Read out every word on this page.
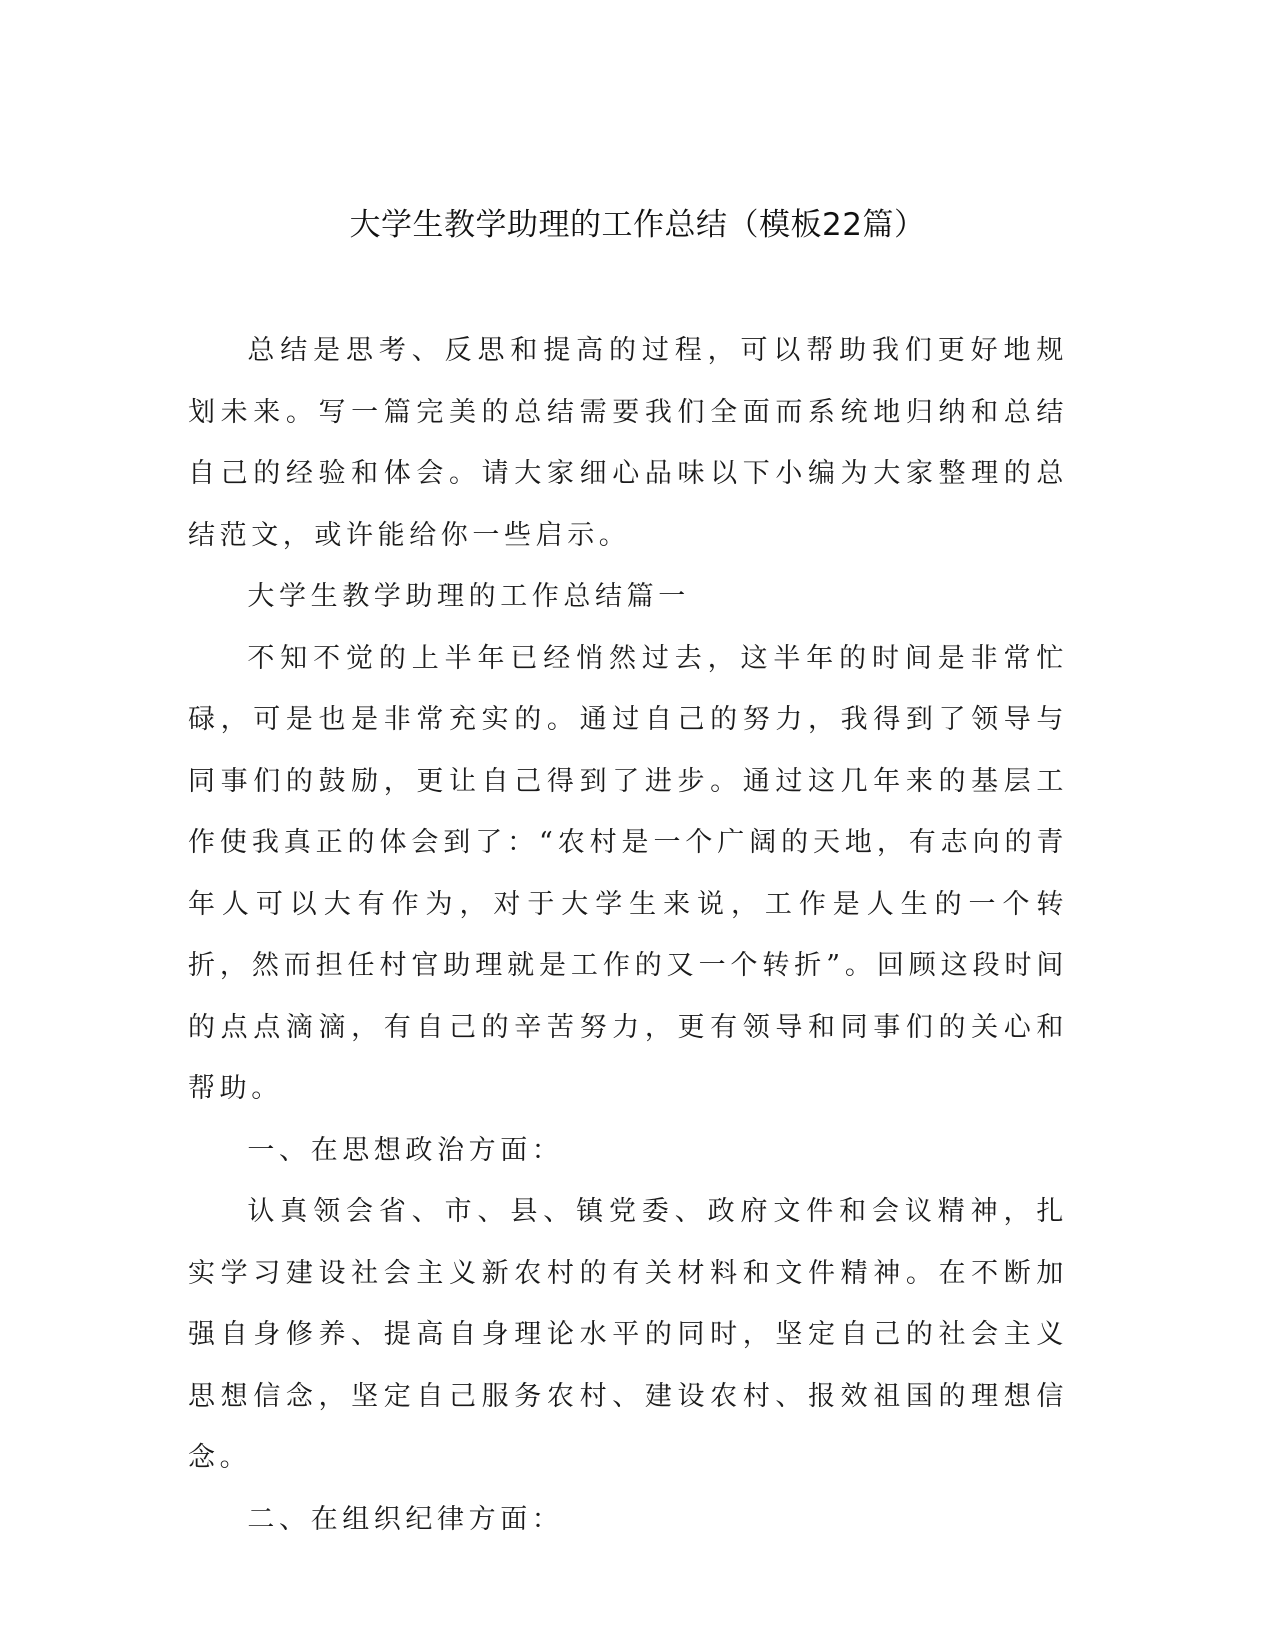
大学生教学助理的工作总结（模板22篇）

总结是思考、反思和提高的过程，可以帮助我们更好地规划未来。写一篇完美的总结需要我们全面而系统地归纳和总结自己的经验和体会。请大家细心品味以下小编为大家整理的总结范文，或许能给你一些启示。

大学生教学助理的工作总结篇一

不知不觉的上半年已经悄然过去，这半年的时间是非常忙碌，可是也是非常充实的。通过自己的努力，我得到了领导与同事们的鼓励，更让自己得到了进步。通过这几年来的基层工作使我真正的体会到了：“农村是一个广阔的天地，有志向的青年人可以大有作为，对于大学生来说，工作是人生的一个转折，然而担任村官助理就是工作的又一个转折”。回顾这段时间的点点滴滴，有自己的辛苦努力，更有领导和同事们的关心和帮助。

一、在思想政治方面：

认真领会省、市、县、镇党委、政府文件和会议精神，扎实学习建设社会主义新农村的有关材料和文件精神。在不断加强自身修养、提高自身理论水平的同时，坚定自己的社会主义思想信念，坚定自己服务农村、建设农村、报效祖国的理想信念。

二、在组织纪律方面：
